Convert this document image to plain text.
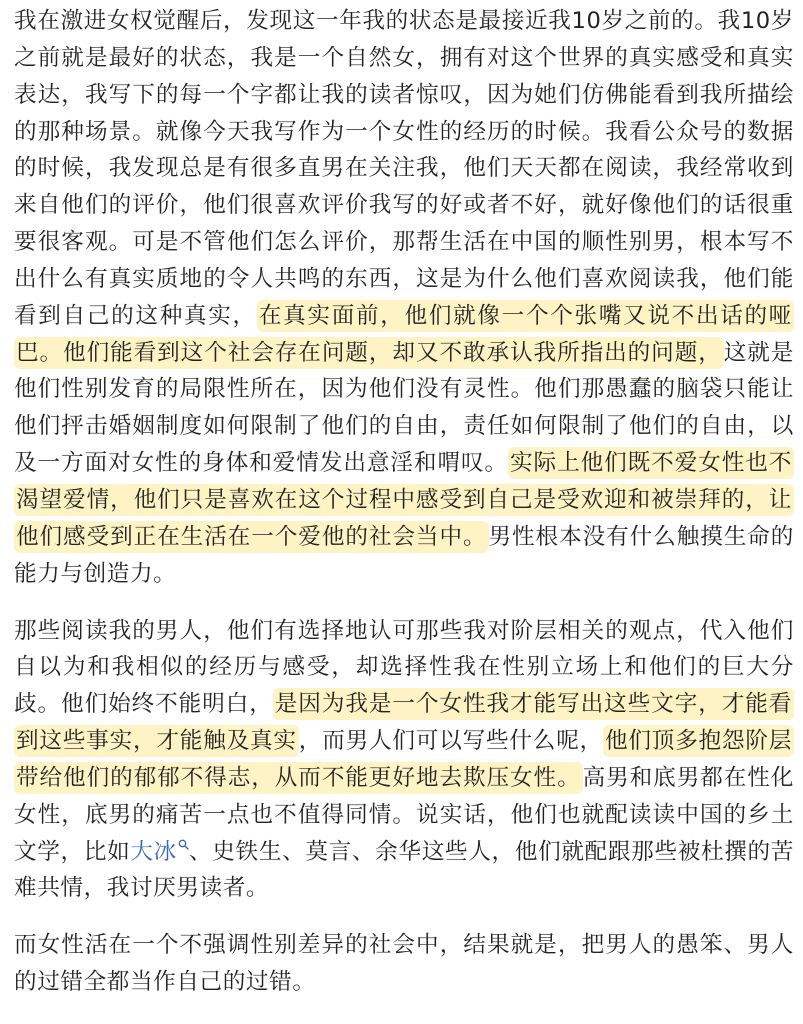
我在激进女权觉醒后，发现这一年我的状态是最接近我10岁之前的。我10岁之前就是最好的状态，我是一个自然女，拥有对这个世界的真实感受和真实表达，我写下的每一个字都让我的读者惊叹，因为她们仿佛能看到我所描绘的那种场景。就像今天我写作为一个女性的经历的时候。我看公众号的数据的时候，我发现总是有很多直男在关注我，他们天天都在阅读，我经常收到来自他们的评价，他们很喜欢评价我写的好或者不好，就好像他们的话很重要很客观。可是不管他们怎么评价，那帮生活在中国的顺性别男，根本写不出什么有真实质地的令人共鸣的东西，这是为什么他们喜欢阅读我，他们能看到自己的这种真实，在真实面前，他们就像一个个张嘴又说不出话的哑巴。他们能看到这个社会存在问题，却又不敢承认我所指出的问题，这就是他们性别发育的局限性所在，因为他们没有灵性。他们那愚蠢的脑袋只能让他们抨击婚姻制度如何限制了他们的自由，责任如何限制了他们的自由，以及一方面对女性的身体和爱情发出意淫和喟叹。实际上他们既不爱女性也不渴望爱情，他们只是喜欢在这个过程中感受到自己是受欢迎和被崇拜的，让他们感受到正在生活在一个爱他的社会当中。男性根本没有什么触摸生命的能力与创造力。

那些阅读我的男人，他们有选择地认可那些我对阶层相关的观点，代入他们自以为和我相似的经历与感受，却选择性我在性别立场上和他们的巨大分歧。他们始终不能明白，是因为我是一个女性我才能写出这些文字，才能看到这些事实，才能触及真实，而男人们可以写些什么呢，他们顶多抱怨阶层带给他们的郁郁不得志，从而不能更好地去欺压女性。高男和底男都在性化女性，底男的痛苦一点也不值得同情。说实话，他们也就配读读中国的乡土文学，比如大冰 、史铁生、莫言、余华这些人，他们就配跟那些被杜撰的苦难共情，我讨厌男读者。

而女性活在一个不强调性别差异的社会中，结果就是，把男人的愚笨、男人的过错全都当作自己的过错。
